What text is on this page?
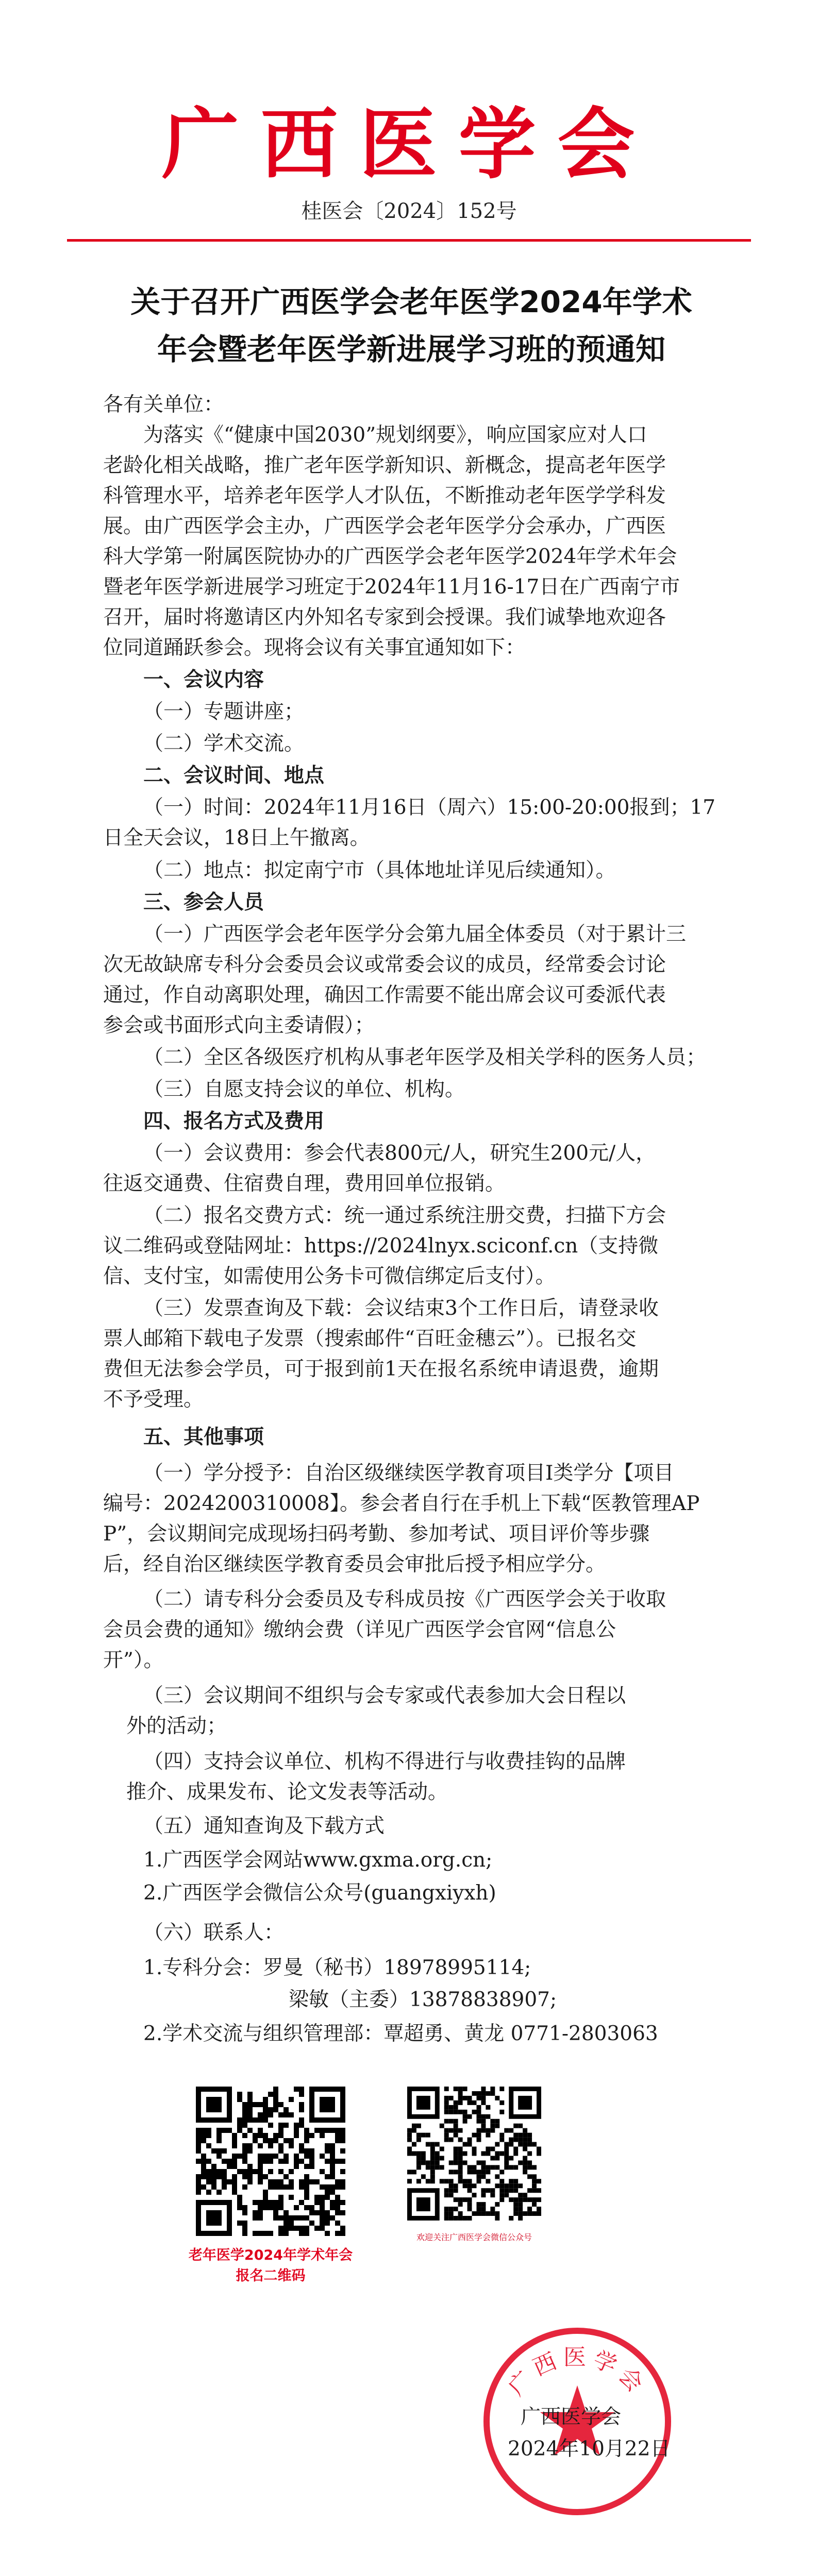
广西医学会
桂医会〔2024〕152号
关于召开广西医学会老年医学2024年学术
年会暨老年医学新进展学习班的预通知
各有关单位：
为落实《“健康中国2030”规划纲要》，响应国家应对人口
老龄化相关战略，推广老年医学新知识、新概念，提高老年医学
科管理水平，培养老年医学人才队伍，不断推动老年医学学科发
展。由广西医学会主办，广西医学会老年医学分会承办，广西医
科大学第一附属医院协办的广西医学会老年医学2024年学术年会
暨老年医学新进展学习班定于2024年11月16-17日在广西南宁市
召开，届时将邀请区内外知名专家到会授课。我们诚挚地欢迎各
位同道踊跃参会。现将会议有关事宜通知如下：
一、会议内容
（一）专题讲座；
（二）学术交流。
二、会议时间、地点
（一）时间：2024年11月16日（周六）15:00-20:00报到；17
日全天会议，18日上午撤离。
（二）地点：拟定南宁市（具体地址详见后续通知）。
三、参会人员
（一）广西医学会老年医学分会第九届全体委员（对于累计三
次无故缺席专科分会委员会议或常委会议的成员，经常委会讨论
通过，作自动离职处理，确因工作需要不能出席会议可委派代表
参会或书面形式向主委请假）；
（二）全区各级医疗机构从事老年医学及相关学科的医务人员；
（三）自愿支持会议的单位、机构。
四、报名方式及费用
（一）会议费用：参会代表800元/人，研究生200元/人，
往返交通费、住宿费自理，费用回单位报销。
（二）报名交费方式：统一通过系统注册交费，扫描下方会
议二维码或登陆网址：https://2024lnyx.sciconf.cn（支持微
信、支付宝，如需使用公务卡可微信绑定后支付）。
（三）发票查询及下载：会议结束3个工作日后，请登录收
票人邮箱下载电子发票（搜索邮件“百旺金穗云”）。已报名交
费但无法参会学员，可于报到前1天在报名系统申请退费，逾期
不予受理。
五、其他事项
（一）学分授予：自治区级继续医学教育项目I类学分【项目
编号：2024200310008】。参会者自行在手机上下载“医教管理AP
P”，会议期间完成现场扫码考勤、参加考试、项目评价等步骤
后，经自治区继续医学教育委员会审批后授予相应学分。
（二）请专科分会委员及专科成员按《广西医学会关于收取
会员会费的通知》缴纳会费（详见广西医学会官网“信息公
开”）。
（三）会议期间不组织与会专家或代表参加大会日程以
外的活动；
（四）支持会议单位、机构不得进行与收费挂钩的品牌
推介、成果发布、论文发表等活动。
（五）通知查询及下载方式
1.广西医学会网站www.gxma.org.cn;
2.广西医学会微信公众号(guangxiyxh)
（六）联系人：
1.专科分会：罗曼（秘书）18978995114;
梁敏（主委）13878838907;
2.学术交流与组织管理部：覃超勇、黄龙 0771-2803063
老年医学2024年学术年会
报名二维码
欢迎关注广西医学会微信公众号
广西医学会
广西医学会
2024年10月22日
